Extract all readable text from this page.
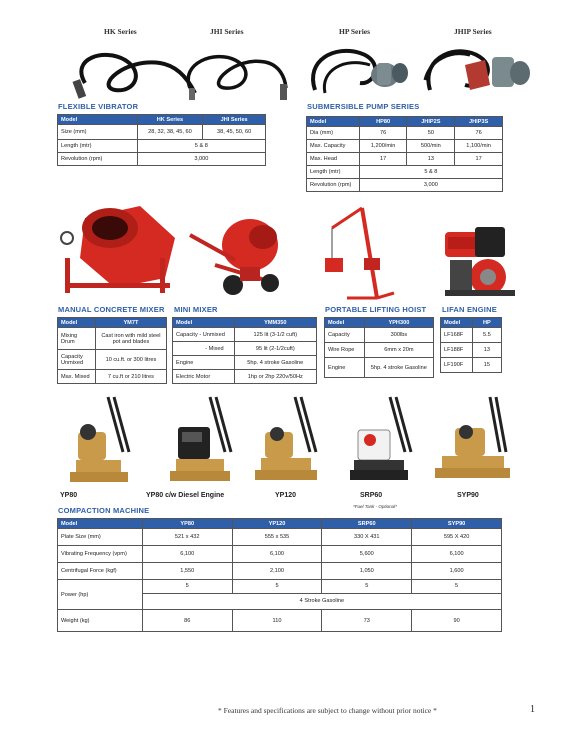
HK Series	JHI Series	HP Series	JHIP Series
FLEXIBLE VIBRATOR
Model	HK Series	JHI Series
Size (mm)	28, 32, 38, 45, 60	38, 45, 50, 60
Length (mtr)	5 & 8	
Revolution (rpm)	3,000	
SUBMERSIBLE PUMP SERIES
Model	HP80	JHIP2S	JHIP3S
Dia (mm)	76	50	76
Max. Capacity	1,200/min	500/min	1,100/min
Max. Head	17	13	17
Length (mtr)	5 & 8		
Revolution (rpm)	3,000		
MANUAL CONCRETE MIXER
Model	YM7T
Mixing Drum	Cast iron with mild steel pot and blades
Capacity Unmixed	10 cu.ft. or 300 litres
Max. Mixed	7 cu.ft or 210 litres
MINI MIXER
Model	YMM350
Capacity - Unmixed	125 lit (3-1/2 cuft)
- Mixed	95 lit (2-1/2cuft)
Engine	5hp. 4 stroke Gasoline
Electric Motor	1hp or 2hp 220v/50Hz
PORTABLE LIFTING HOIST
Model	YPH300
Capacity	300lbs
Wire Rope	6mm x 20m
Engine	5hp. 4 stroke Gasoline
LIFAN ENGINE
Model	HP
LF168F	5.5
LF188F	13
LF190F	15
YP80	YP80 c/w Diesel Engine	YP120	SRP60	SYP90
*Fuel Tank - Optional*
COMPACTION MACHINE
Model	YP80	YP120	SRP60	SYP90
Plate Size (mm)	521 x 432	555 x 535	330 X 431	595 X 420
Vibrating Frequency (vpm)	6,100	6,100	5,600	6,100
Centrifugal Force (kgf)	1,550	2,100	1,050	1,600
Power (hp)	5	5	5	5
	4 Stroke Gasoline			
Weight (kg)	86	110	73	90
* Features and specifications are subject to change without prior notice *	1
